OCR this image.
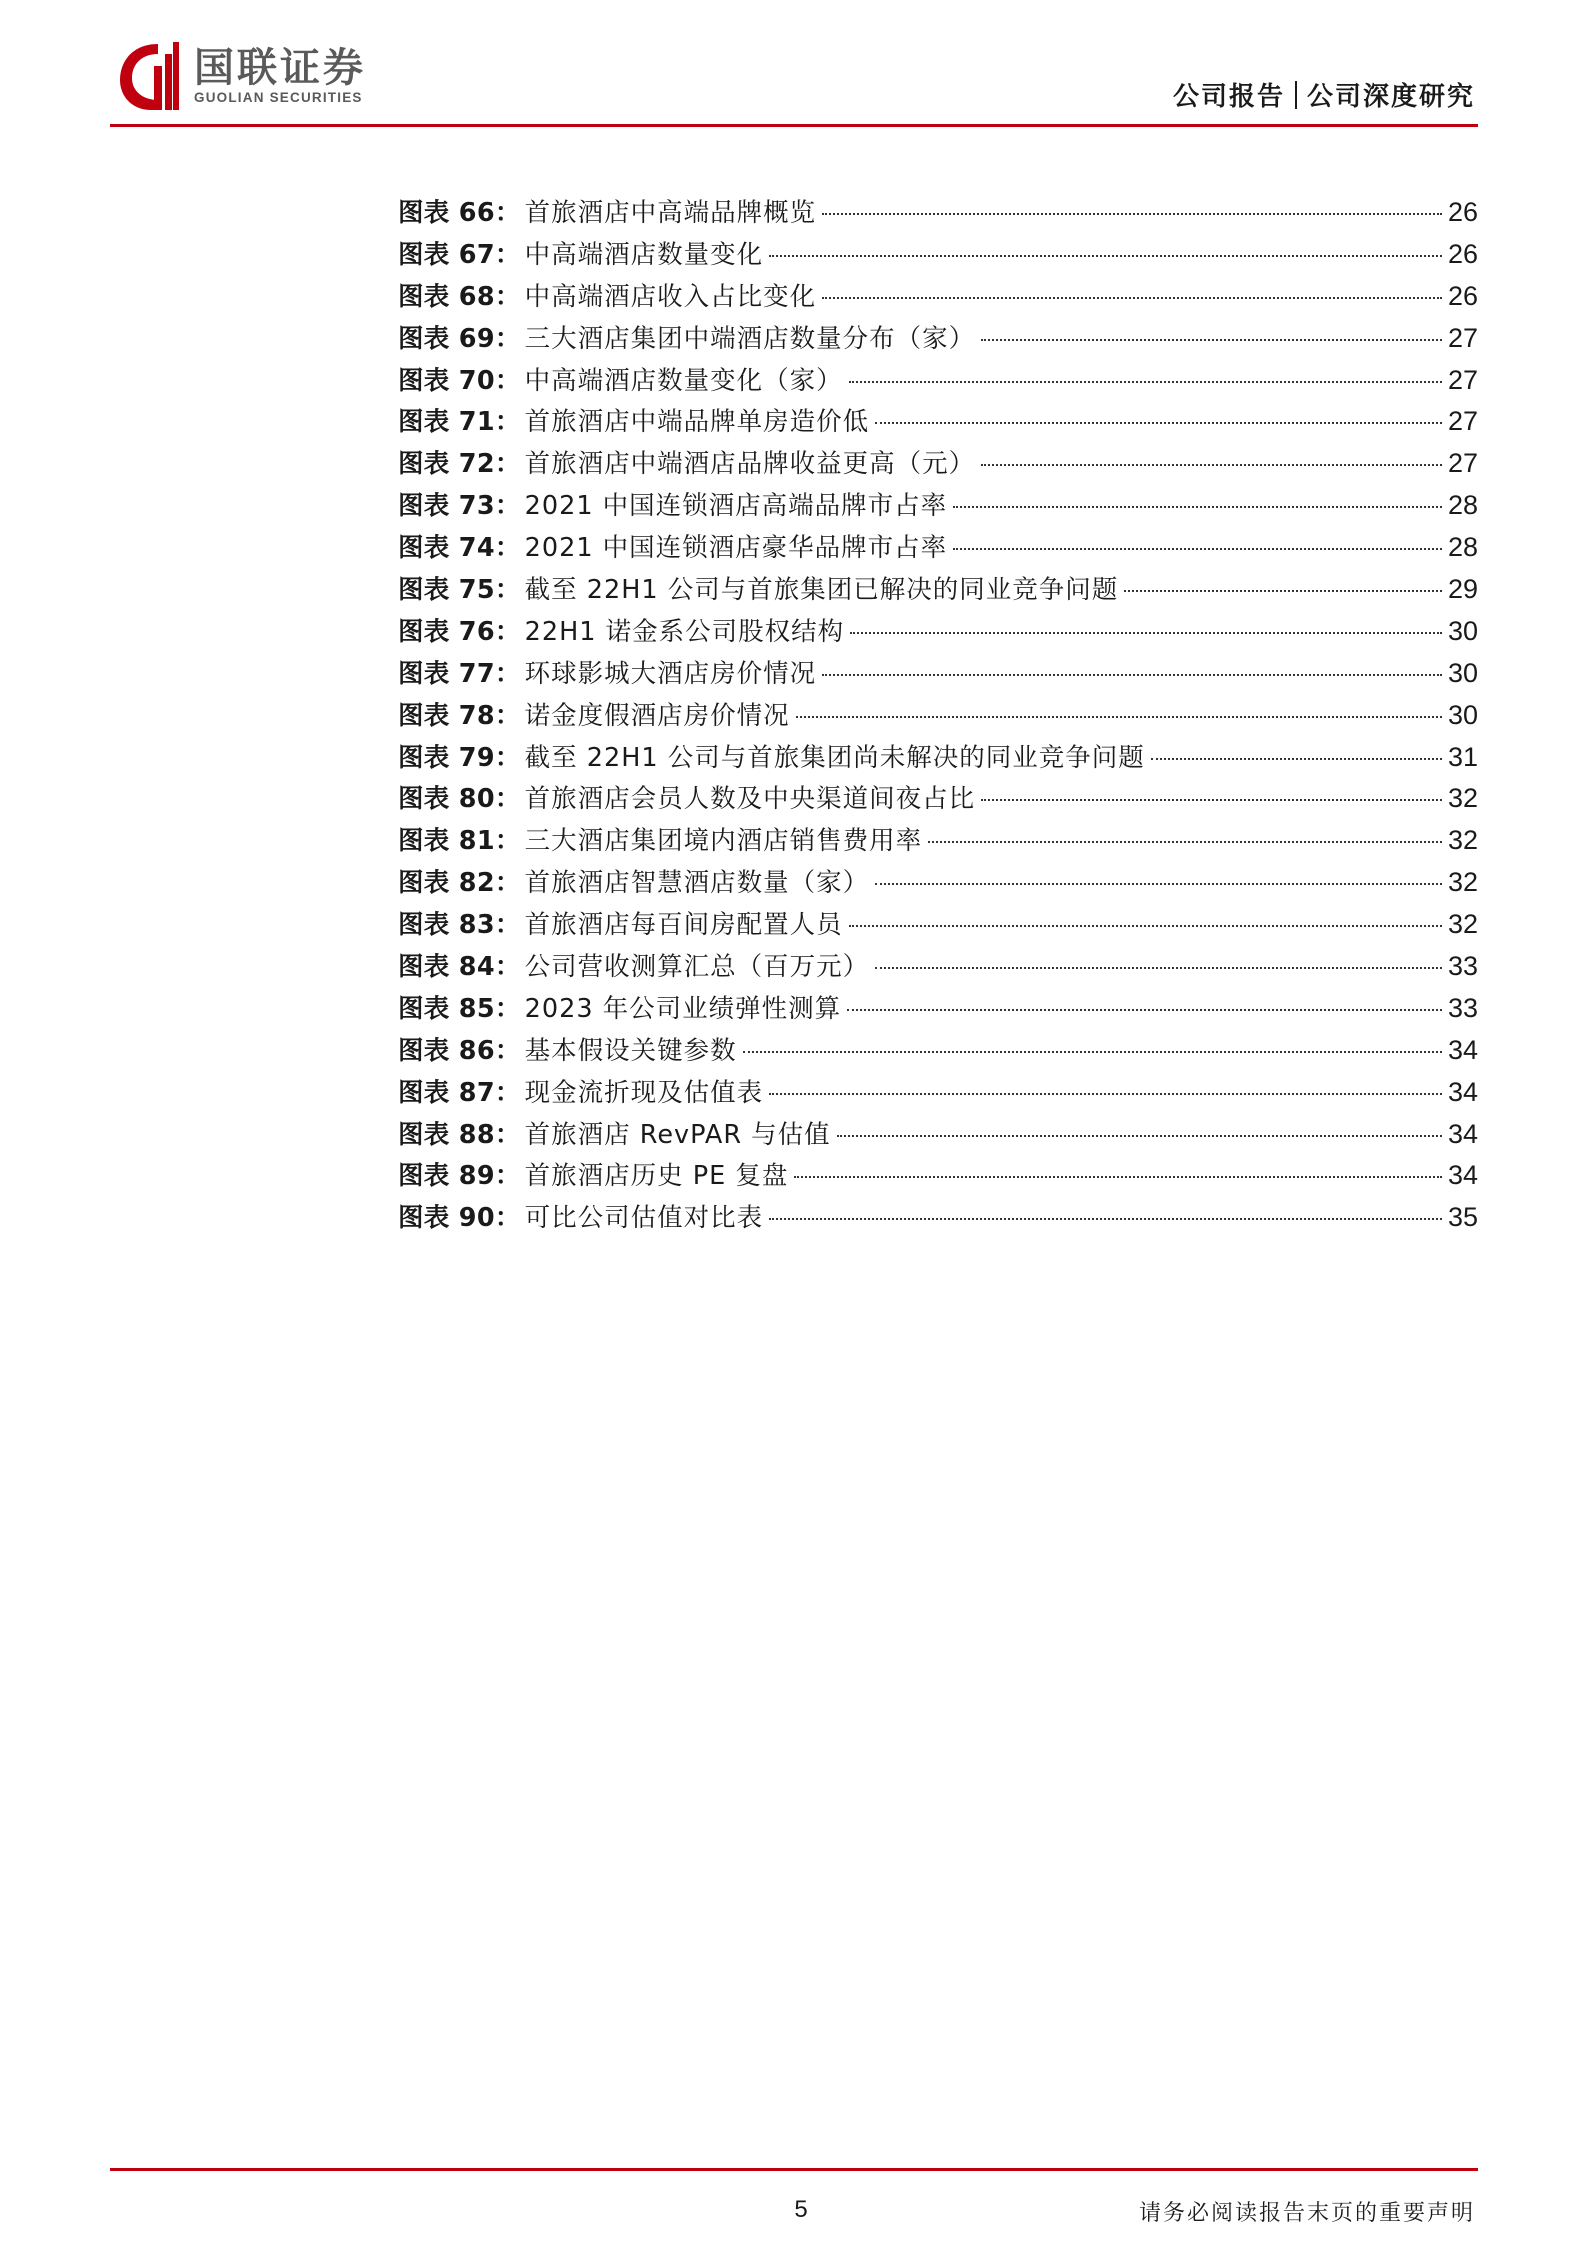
国联证券
GUOLIAN SECURITIES	公司报告 公司深度研究
图表 66： 首旅酒店中高端品牌概览	26
图表 67： 中高端酒店数量变化	26
图表 68： 中高端酒店收入占比变化	26
图表 69： 三大酒店集团中端酒店数量分布（家）	27
图表 70： 中高端酒店数量变化（家）	27
图表 71： 首旅酒店中端品牌单房造价低	27
图表 72： 首旅酒店中端酒店品牌收益更高（元）	27
图表 73： 2021 中国连锁酒店高端品牌市占率	28
图表 74： 2021 中国连锁酒店豪华品牌市占率	28
图表 75： 截至 22H1 公司与首旅集团已解决的同业竞争问题	29
图表 76： 22H1 诺金系公司股权结构	30
图表 77： 环球影城大酒店房价情况	30
图表 78： 诺金度假酒店房价情况	30
图表 79： 截至 22H1 公司与首旅集团尚未解决的同业竞争问题	31
图表 80： 首旅酒店会员人数及中央渠道间夜占比	32
图表 81： 三大酒店集团境内酒店销售费用率	32
图表 82： 首旅酒店智慧酒店数量（家）	32
图表 83： 首旅酒店每百间房配置人员	32
图表 84： 公司营收测算汇总（百万元）	33
图表 85： 2023 年公司业绩弹性测算	33
图表 86： 基本假设关键参数	34
图表 87： 现金流折现及估值表	34
图表 88： 首旅酒店 RevPAR 与估值	34
图表 89： 首旅酒店历史 PE 复盘	34
图表 90： 可比公司估值对比表	35
5	请务必阅读报告末页的重要声明
